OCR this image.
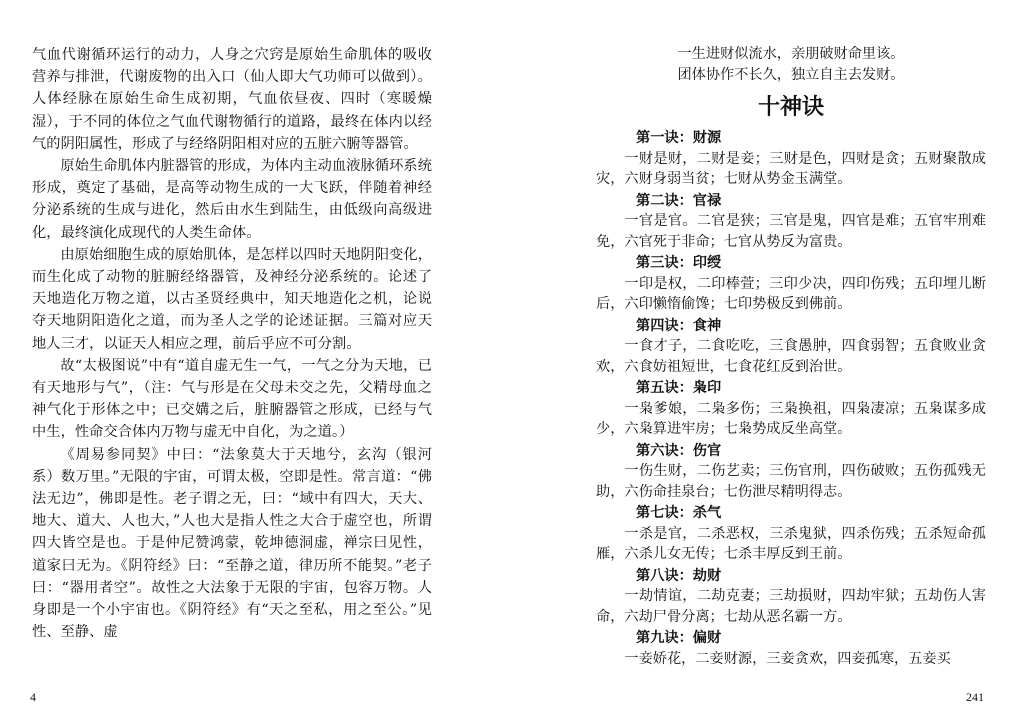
气血代谢循环运行的动力，人身之穴窍是原始生命肌体的吸收营养与排泄，代谢废物的出入口（仙人即大气功师可以做到）。人体经脉在原始生命生成初期，气血依昼夜、四时（寒暖燥湿），于不同的体位之气血代谢物循行的道路，最终在体内以经气的阴阳属性，形成了与经络阴阳相对应的五脏六腑等器管。

原始生命肌体内脏器管的形成，为体内主动血液脉循环系统形成，奠定了基础，是高等动物生成的一大飞跃，伴随着神经分泌系统的生成与进化，然后由水生到陆生，由低级向高级进化，最终演化成现代的人类生命体。

由原始细胞生成的原始肌体，是怎样以四时天地阴阳变化，而生化成了动物的脏腑经络器管，及神经分泌系统的。论述了天地造化万物之道，以古圣贤经典中，知天地造化之机，论说夺天地阴阳造化之道，而为圣人之学的论述证据。三篇对应天地人三才，以证天人相应之理，前后乎应不可分割。

故“太极图说”中有“道自虚无生一气，一气之分为天地，已有天地形与气”，（注：气与形是在父母未交之先，父精母血之神气化于形体之中；已交媾之后，脏腑器管之形成，已经与气中生，性命交合体内万物与虚无中自化，为之道。）

《周易参同契》中曰：“法象莫大于天地兮，玄沟（银河系）数万里。”无限的宇宙，可谓太极，空即是性。常言道：“佛法无边”，佛即是性。老子谓之无，曰：“域中有四大，天大、地大、道大、人也大，”人也大是指人性之大合于虚空也，所谓四大皆空是也。于是仲尼赞鸿蒙，乾坤德洞虚，禅宗曰见性，道家曰无为。《阴符经》曰：“至静之道，律历所不能契。”老子曰：“器用者空”。故性之大法象于无限的宇宙，包容万物。人身即是一个小宇宙也。《阴符经》有“天之至私，用之至公。”见性、至静、虚

一生进财似流水，亲朋破财命里该。

团体协作不长久，独立自主去发财。

十神诀

第一诀：财源

一财是财，二财是妾；三财是色，四财是贪；五财聚散成灾，六财身弱当贫；七财从势金玉满堂。

第二诀：官禄

一官是官。二官是狭；三官是鬼，四官是难；五官牢刑难免，六官死于非命；七官从势反为富贵。

第三诀：印绶

一印是权，二印棒萱；三印少决，四印伤残；五印埋儿断后，六印懒惰偷馋；七印势极反到佛前。

第四诀：食神

一食才子，二食吃吃，三食愚肿，四食弱智；五食败业贪欢，六食妨祖短世，七食花红反到治世。

第五诀：枭印

一枭爹娘，二枭多伤；三枭换祖，四枭凄凉；五枭谋多成少，六枭算进牢房；七枭势成反坐高堂。

第六诀：伤官

一伤生财，二伤艺卖；三伤官刑，四伤破败；五伤孤残无助，六伤命挂泉台；七伤泄尽精明得志。

第七诀：杀气

一杀是官，二杀恶权，三杀鬼狱，四杀伤残；五杀短命孤雁，六杀儿女无传；七杀丰厚反到王前。

第八诀：劫财

一劫情谊，二劫克妻；三劫损财，四劫牢狱；五劫伤人害命，六劫尸骨分离；七劫从恶名霸一方。

第九诀：偏财

一妾娇花，二妾财源，三妾贪欢，四妾孤寒，五妾买

4	241
